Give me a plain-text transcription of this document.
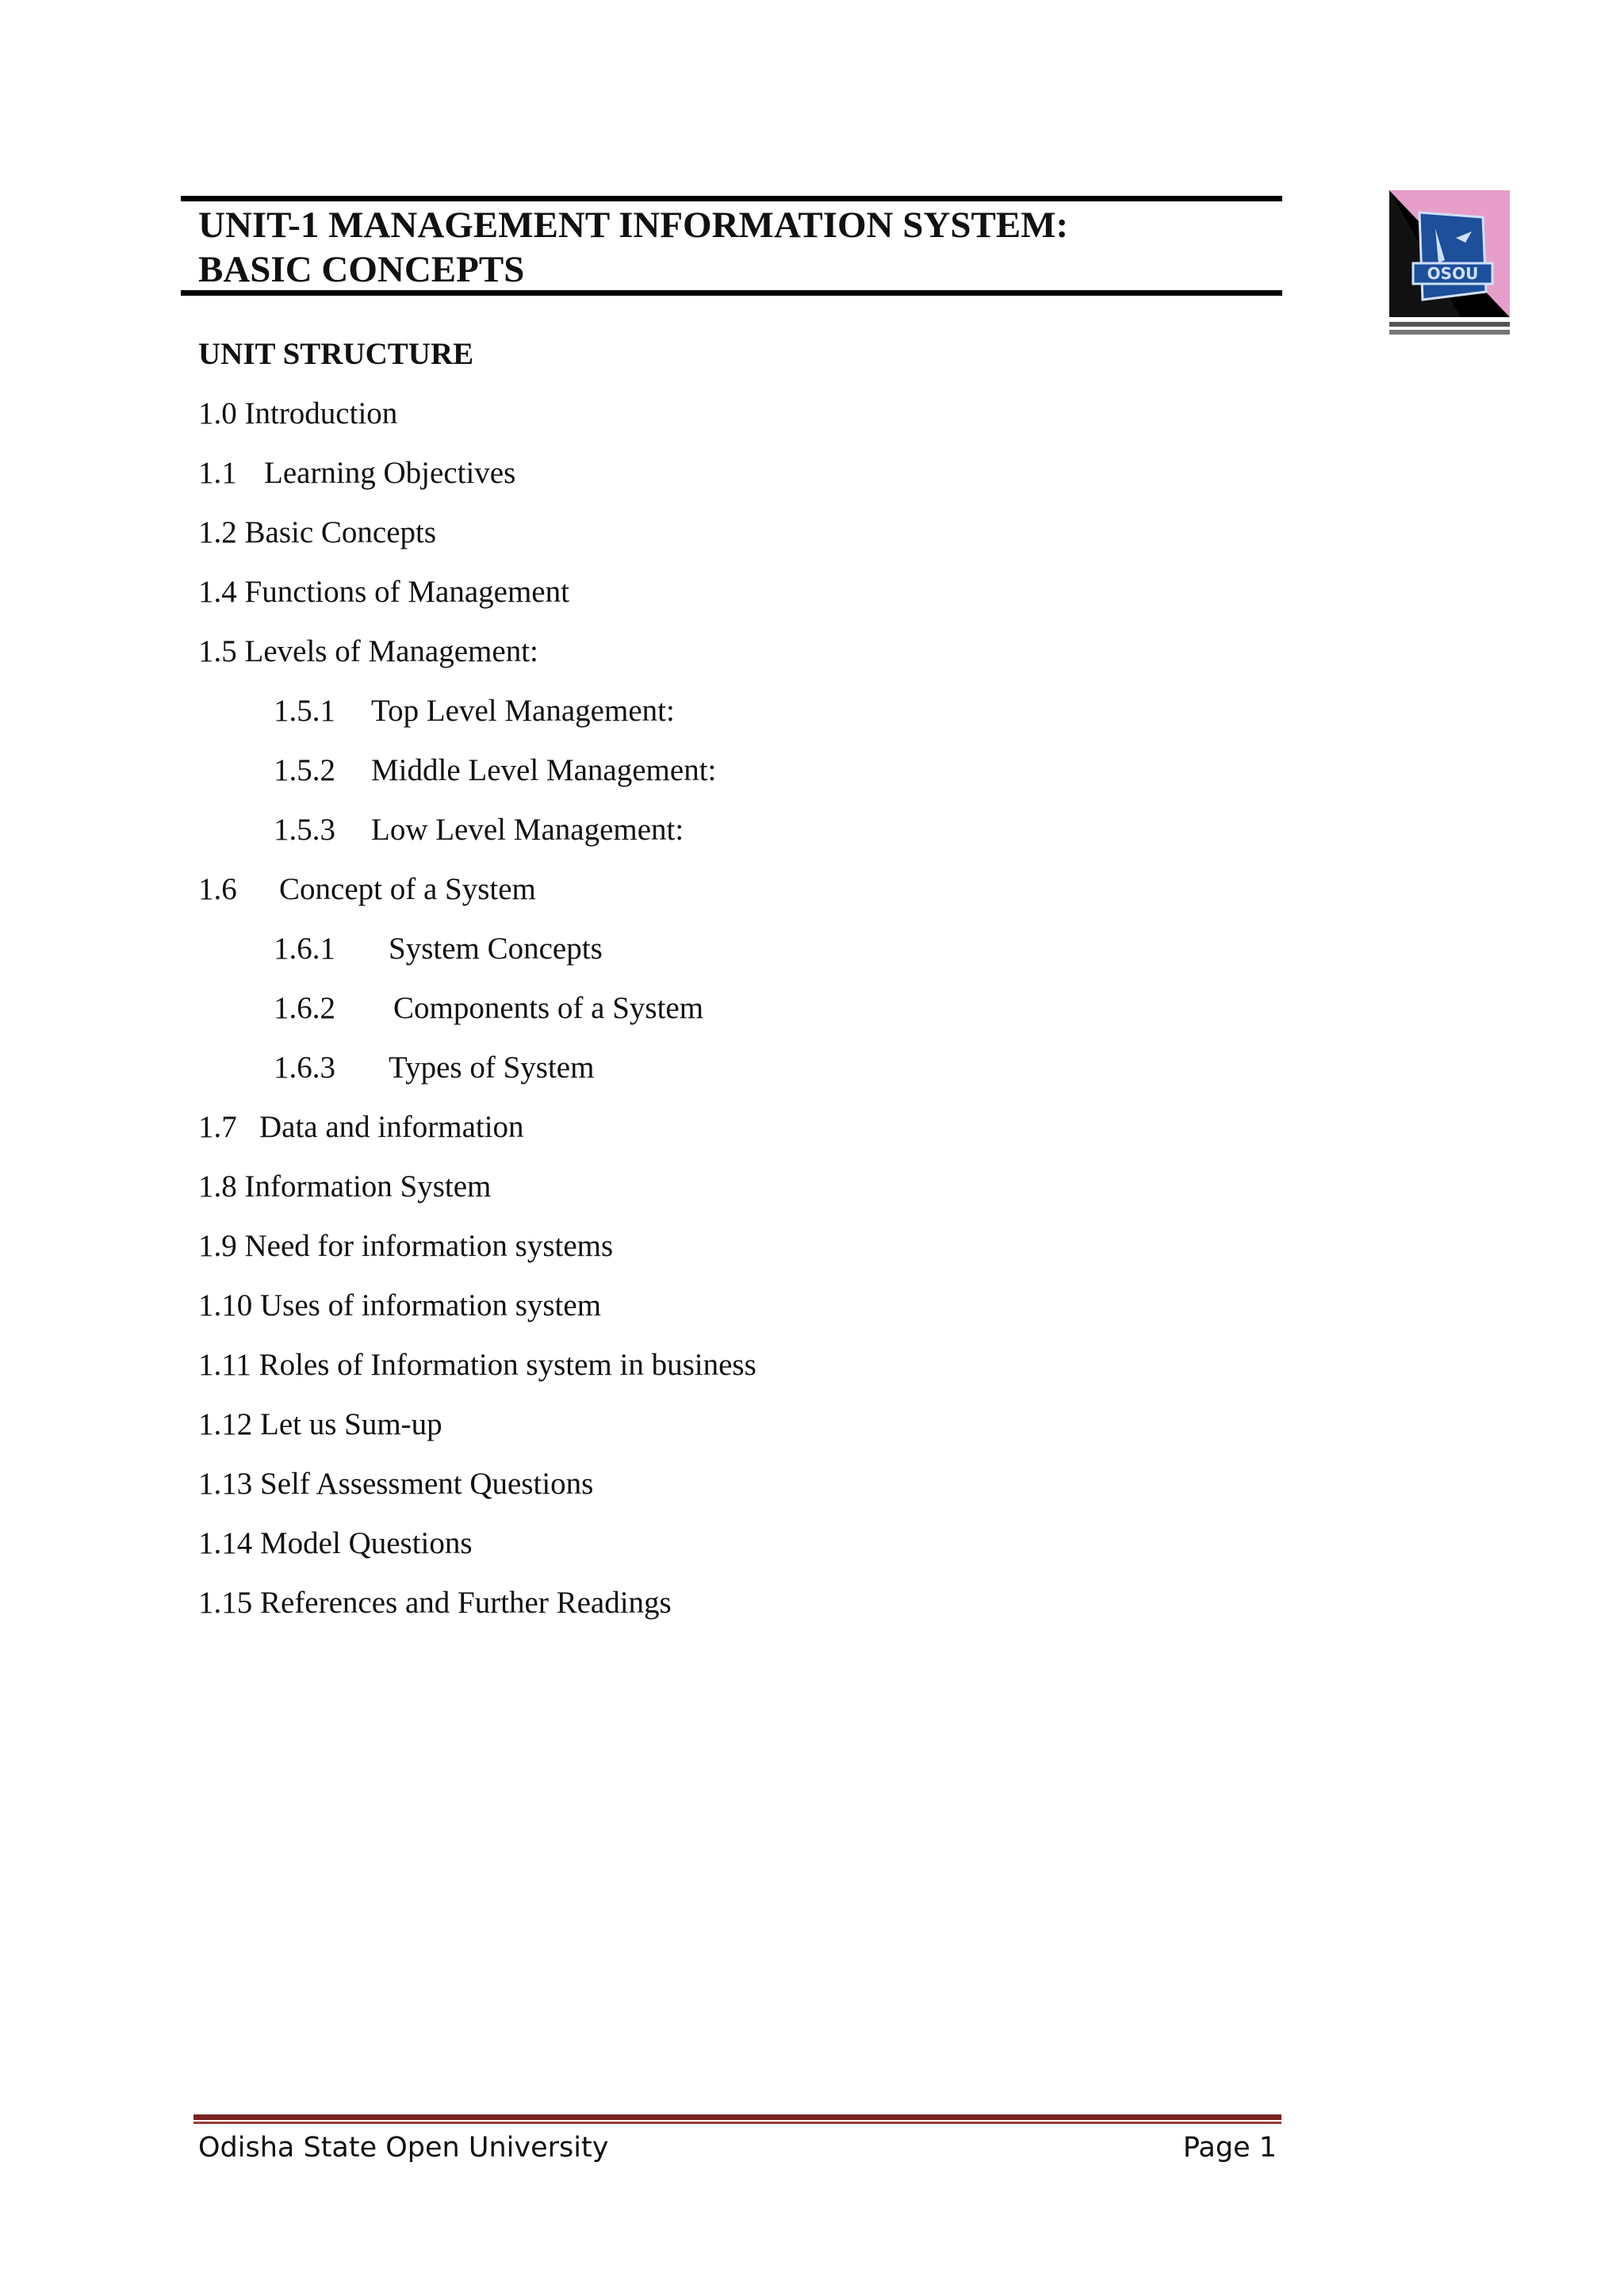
UNIT-1 MANAGEMENT INFORMATION SYSTEM:
BASIC CONCEPTS	OSOU
UNIT STRUCTURE
1.0 Introduction
1.1 Learning Objectives
1.2 Basic Concepts
1.4 Functions of Management
1.5 Levels of Management:
1.5.1 Top Level Management:
1.5.2 Middle Level Management:
1.5.3 Low Level Management:
1.6 Concept of a System
1.6.1 System Concepts
1.6.2 Components of a System
1.6.3 Types of System
1.7 Data and information
1.8 Information System
1.9 Need for information systems
1.10 Uses of information system
1.11 Roles of Information system in business
1.12 Let us Sum-up
1.13 Self Assessment Questions
1.14 Model Questions
1.15 References and Further Readings
Odisha State Open University	Page 1
